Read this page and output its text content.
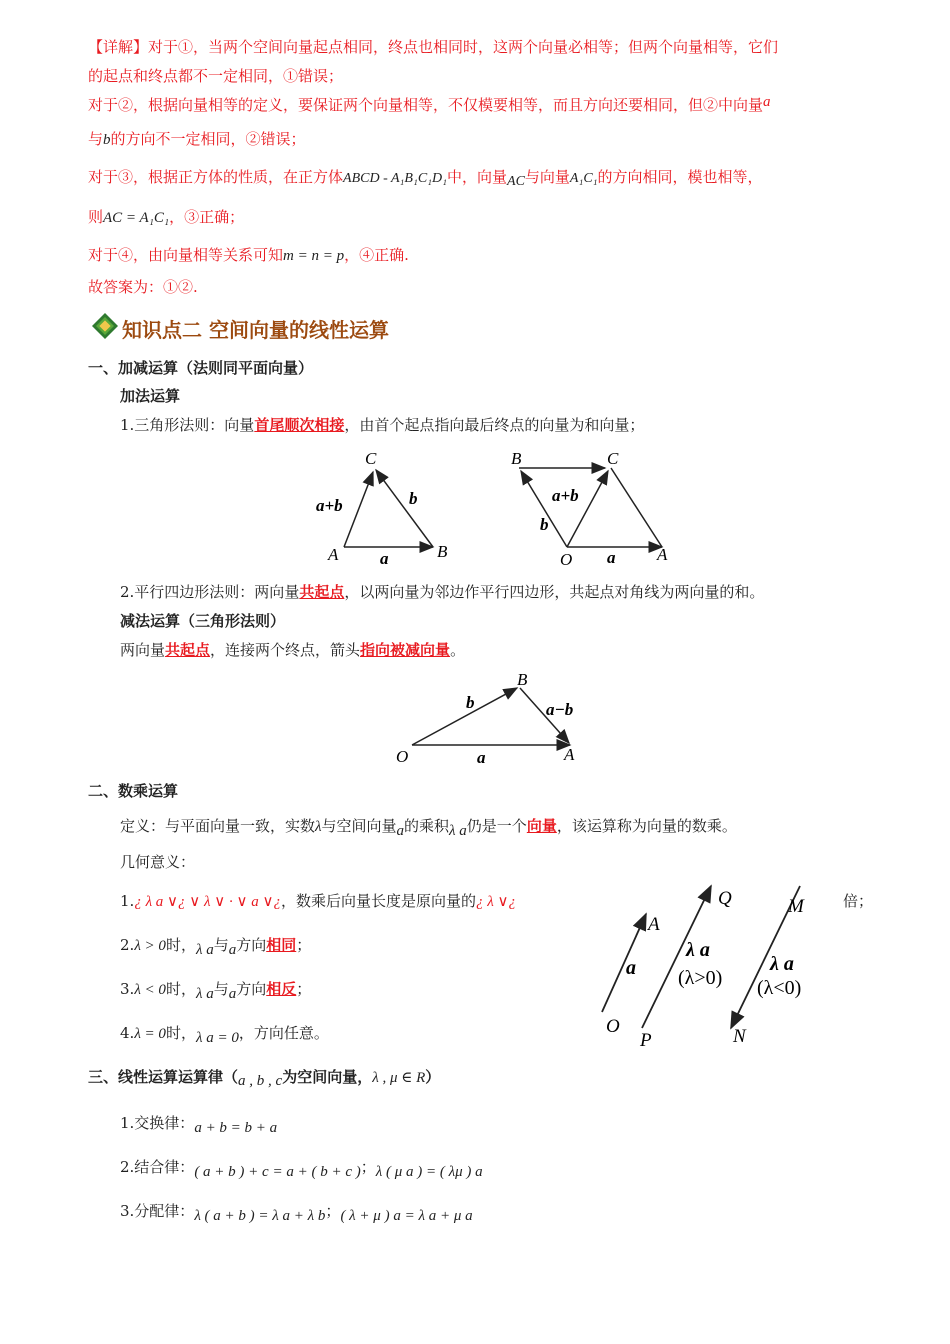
【详解】对于①，当两个空间向量起点相同，终点也相同时，这两个向量必相等；但两个向量相等，它们
的起点和终点都不一定相同，①错误；
对于②，根据向量相等的定义，要保证两个向量相等，不仅模要相等，而且方向还要相同，但②中向量a
与b的方向不一定相同，②错误；
对于③，根据正方体的性质，在正方体ABCD - A₁B₁C₁D₁中，向量AC与向量A₁C₁的方向相同，模也相等，
则AC = A₁C₁，③正确；
对于④，由向量相等关系可知m = n = p，④正确.
故答案为：①②.
知识点二 空间向量的线性运算
一、加减运算（法则同平面向量）
加法运算
1.三角形法则：向量首尾顺次相接，由首个起点指向最后终点的向量为和向量；
A	B
C
a
b
a+b
B	C
O	A
a
b
a+b
2.平行四边形法则：两向量共起点，以两向量为邻边作平行四边形，共起点对角线为两向量的和。
减法运算（三角形法则）
两向量共起点，连接两个终点，箭头指向被减向量。
O	A
B
a
b	a−b
二、数乘运算
定义：与平面向量一致，实数λ与空间向量a的乘积λ a仍是一个向量，该运算称为向量的数乘。
几何意义：
1.¿ λ a ∨¿ ∨ λ ∨ · ∨ a ∨¿，数乘后向量长度是原向量的¿ λ ∨¿	倍；
2.λ > 0时，λ a与a方向相同；
3.λ < 0时，λ a与a方向相反；
4.λ = 0时，λ a = 0，方向任意。	O
A
a
P
Q
λ a
(λ>0)
M
N
λ a
(λ<0)
三、线性运算运算律（a , b , c为空间向量，λ , μ ∈ R）
1.交换律：a + b = b + a
2.结合律：( a + b ) + c = a + ( b + c )；λ ( μ a ) = ( λμ ) a
3.分配律：λ ( a + b ) = λ a + λ b；( λ + μ ) a = λ a + μ a
